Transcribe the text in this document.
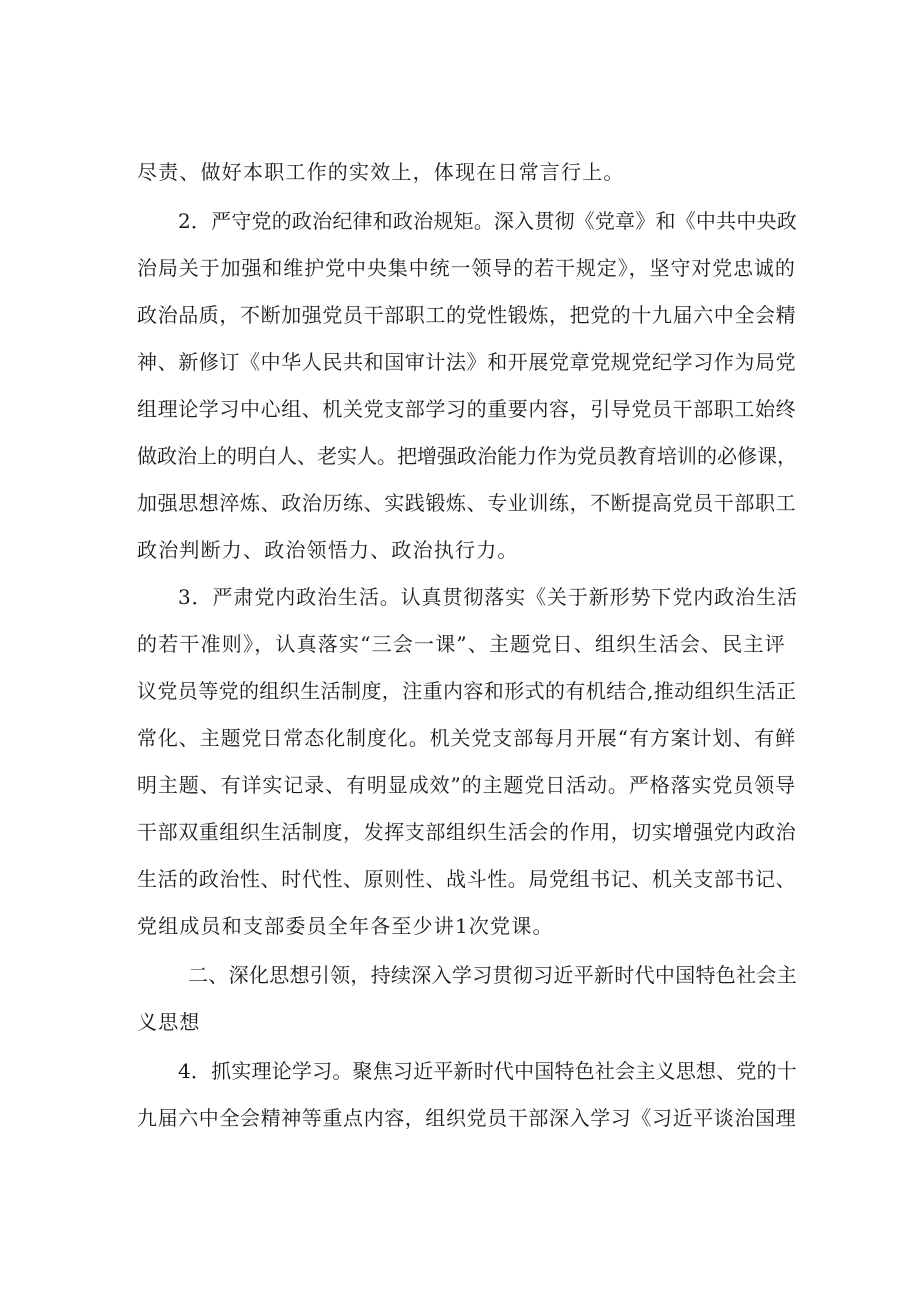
尽责、做好本职工作的实效上，体现在日常言行上。
2．严守党的政治纪律和政治规矩。深入贯彻《党章》和《中共中央政
治局关于加强和维护党中央集中统一领导的若干规定》，坚守对党忠诚的
政治品质，不断加强党员干部职工的党性锻炼，把党的十九届六中全会精
神、新修订《中华人民共和国审计法》和开展党章党规党纪学习作为局党
组理论学习中心组、机关党支部学习的重要内容，引导党员干部职工始终
做政治上的明白人、老实人。把增强政治能力作为党员教育培训的必修课，
加强思想淬炼、政治历练、实践锻炼、专业训练，不断提高党员干部职工
政治判断力、政治领悟力、政治执行力。
3．严肃党内政治生活。认真贯彻落实《关于新形势下党内政治生活
的若干准则》，认真落实“三会一课”、主题党日、组织生活会、民主评
议党员等党的组织生活制度，注重内容和形式的有机结合,推动组织生活正
常化、主题党日常态化制度化。机关党支部每月开展“有方案计划、有鲜
明主题、有详实记录、有明显成效”的主题党日活动。严格落实党员领导
干部双重组织生活制度，发挥支部组织生活会的作用，切实增强党内政治
生活的政治性、时代性、原则性、战斗性。局党组书记、机关支部书记、
党组成员和支部委员全年各至少讲1次党课。
二、深化思想引领，持续深入学习贯彻习近平新时代中国特色社会主
义思想
4．抓实理论学习。聚焦习近平新时代中国特色社会主义思想、党的十
九届六中全会精神等重点内容，组织党员干部深入学习《习近平谈治国理
